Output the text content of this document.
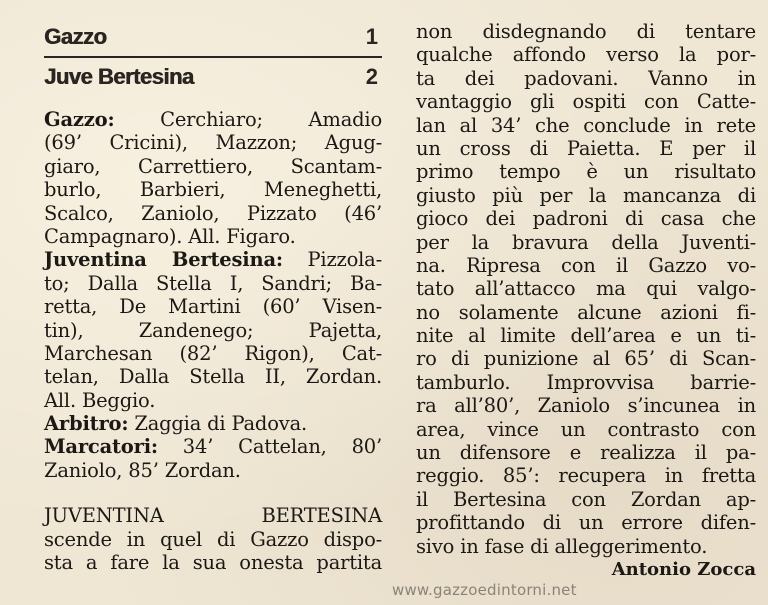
Gazzo	1
Juve Bertesina	2
Gazzo: Cerchiaro; Amadio
(69’ Cricini), Mazzon; Agug-
giaro, Carrettiero, Scantam-
burlo, Barbieri, Meneghetti,
Scalco, Zaniolo, Pizzato (46’
Campagnaro). All. Figaro.
Juventina Bertesina: Pizzola-
to; Dalla Stella I, Sandri; Ba-
retta, De Martini (60’ Visen-
tin), Zandenego; Pajetta,
Marchesan (82’ Rigon), Cat-
telan, Dalla Stella II, Zordan.
All. Beggio.
Arbitro: Zaggia di Padova.
Marcatori: 34’ Cattelan, 80’
Zaniolo, 85’ Zordan.
JUVENTINA BERTESINA
scende in quel di Gazzo dispo-
sta a fare la sua onesta partita
non disdegnando di tentare
qualche affondo verso la por-
ta dei padovani. Vanno in
vantaggio gli ospiti con Catte-
lan al 34’ che conclude in rete
un cross di Paietta. E per il
primo tempo è un risultato
giusto più per la mancanza di
gioco dei padroni di casa che
per la bravura della Juventi-
na. Ripresa con il Gazzo vo-
tato all’attacco ma qui valgo-
no solamente alcune azioni fi-
nite al limite dell’area e un ti-
ro di punizione al 65’ di Scan-
tamburlo. Improvvisa barrie-
ra all’80’, Zaniolo s’incunea in
area, vince un contrasto con
un difensore e realizza il pa-
reggio. 85’: recupera in fretta
il Bertesina con Zordan ap-
profittando di un errore difen-
sivo in fase di alleggerimento.
Antonio Zocca
www.gazzoedintorni.net
